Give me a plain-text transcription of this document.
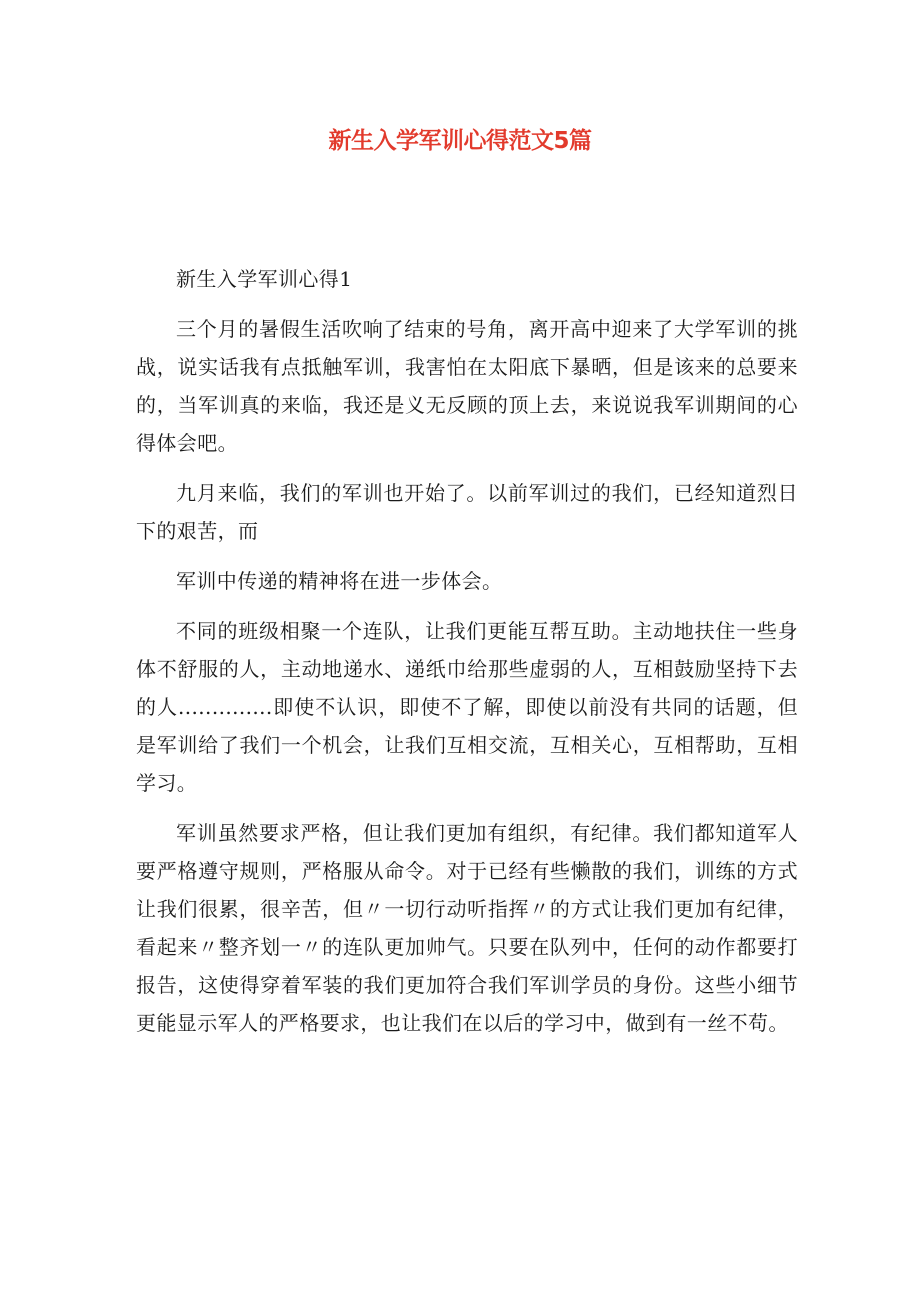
新生入学军训心得范文5篇

新生入学军训心得1

三个月的暑假生活吹响了结束的号角，离开高中迎来了大学军训的挑战，说实话我有点抵触军训，我害怕在太阳底下暴晒，但是该来的总要来的，当军训真的来临，我还是义无反顾的顶上去，来说说我军训期间的心得体会吧。

九月来临，我们的军训也开始了。以前军训过的我们，已经知道烈日下的艰苦，而

军训中传递的精神将在进一步体会。

不同的班级相聚一个连队，让我们更能互帮互助。主动地扶住一些身体不舒服的人，主动地递水、递纸巾给那些虚弱的人，互相鼓励坚持下去的人..............即使不认识，即使不了解，即使以前没有共同的话题，但是军训给了我们一个机会，让我们互相交流，互相关心，互相帮助，互相学习。

军训虽然要求严格，但让我们更加有组织，有纪律。我们都知道军人要严格遵守规则，严格服从命令。对于已经有些懒散的我们，训练的方式让我们很累，很辛苦，但〃一切行动听指挥〃的方式让我们更加有纪律，看起来〃整齐划一〃的连队更加帅气。只要在队列中，任何的动作都要打报告，这使得穿着军装的我们更加符合我们军训学员的身份。这些小细节更能显示军人的严格要求，也让我们在以后的学习中，做到有一丝不苟。
